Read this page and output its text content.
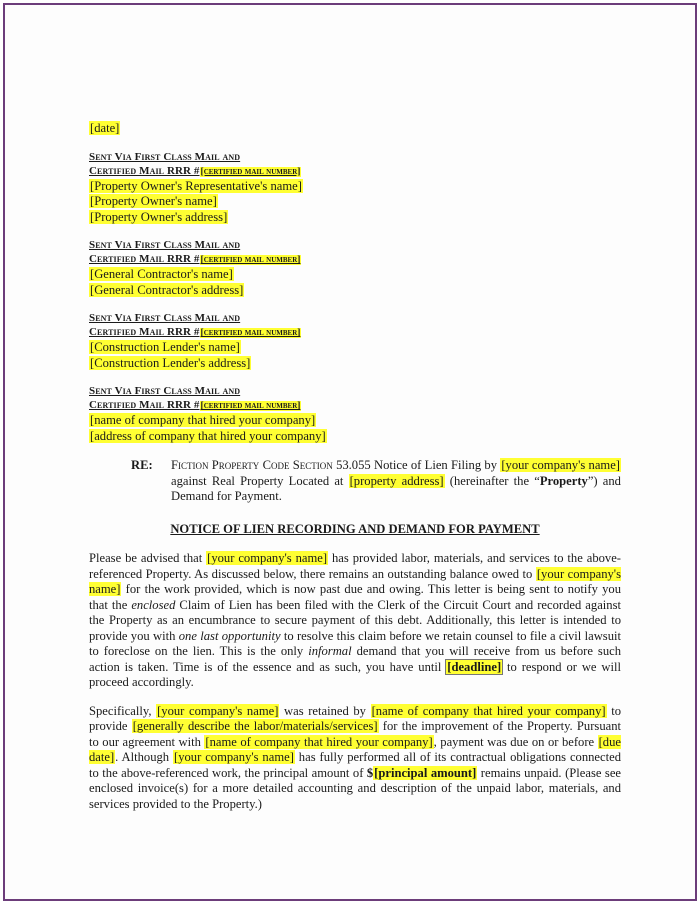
[date]
Sent Via First Class Mail and
Certified Mail RRR #[certified mail number]
[Property Owner's Representative's name]
[Property Owner's name]
[Property Owner's address]
Sent Via First Class Mail and
Certified Mail RRR #[certified mail number]
[General Contractor's name]
[General Contractor's address]
Sent Via First Class Mail and
Certified Mail RRR #[certified mail number]
[Construction Lender's name]
[Construction Lender's address]
Sent Via First Class Mail and
Certified Mail RRR #[certified mail number]
[name of company that hired your company]
[address of company that hired your company]
RE:	Fiction Property Code Section 53.055 Notice of Lien Filing by [your company's name] against Real Property Located at [property address] (hereinafter the “Property”) and Demand for Payment.
NOTICE OF LIEN RECORDING AND DEMAND FOR PAYMENT

Please be advised that [your company's name] has provided labor, materials, and services to the above-referenced Property. As discussed below, there remains an outstanding balance owed to [your company's name] for the work provided, which is now past due and owing. This letter is being sent to notify you that the enclosed Claim of Lien has been filed with the Clerk of the Circuit Court and recorded against the Property as an encumbrance to secure payment of this debt. Additionally, this letter is intended to provide you with one last opportunity to resolve this claim before we retain counsel to file a civil lawsuit to foreclose on the lien. This is the only informal demand that you will receive from us before such action is taken. Time is of the essence and as such, you have until [deadline] to respond or we will proceed accordingly.

Specifically, [your company's name] was retained by [name of company that hired your company] to provide [generally describe the labor/materials/services] for the improvement of the Property. Pursuant to our agreement with [name of company that hired your company], payment was due on or before [due date]. Although [your company's name] has fully performed all of its contractual obligations connected to the above-referenced work, the principal amount of $[principal amount] remains unpaid. (Please see enclosed invoice(s) for a more detailed accounting and description of the unpaid labor, materials, and services provided to the Property.)
